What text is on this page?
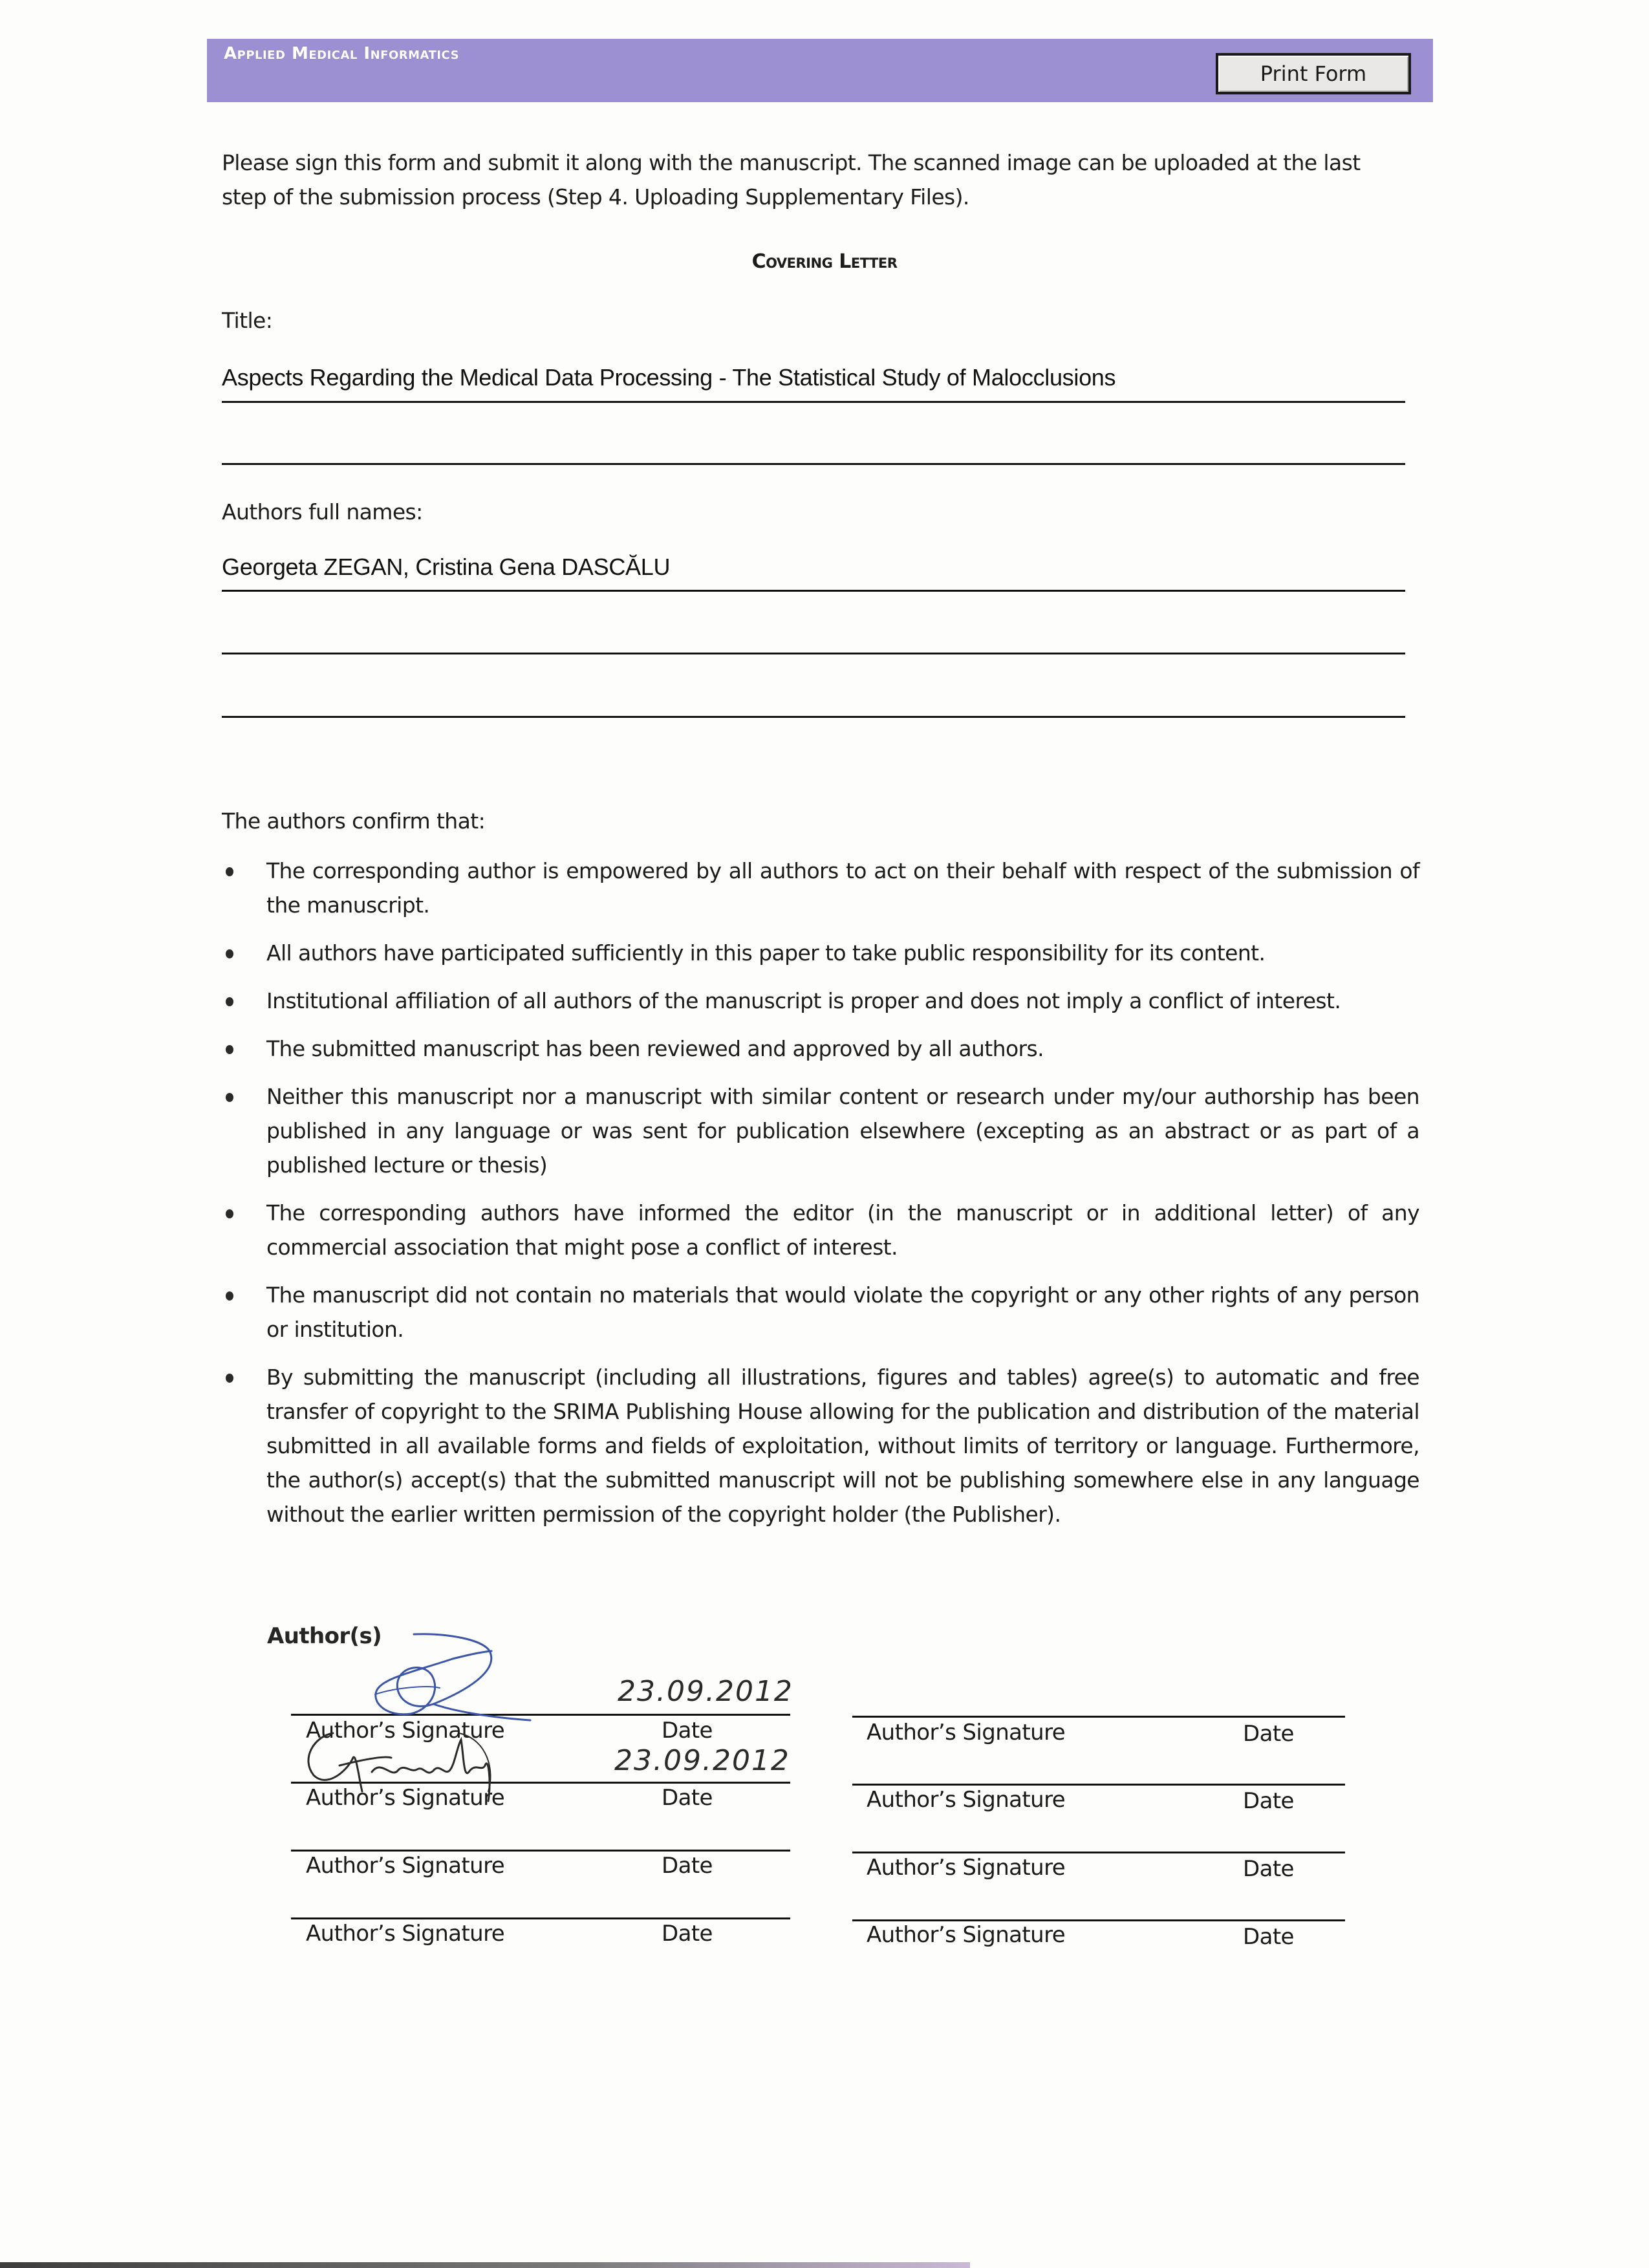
Applied Medical Informatics
Print Form
Please sign this form and submit it along with the manuscript. The scanned image can be uploaded at the last step of the submission process (Step 4. Uploading Supplementary Files).
Covering Letter
Title:
Aspects Regarding the Medical Data Processing - The Statistical Study of Malocclusions
Authors full names:
Georgeta ZEGAN, Cristina Gena DASCĂLU
The authors confirm that:
The corresponding author is empowered by all authors to act on their behalf with respect of the submission of the manuscript.
All authors have participated sufficiently in this paper to take public responsibility for its content.
Institutional affiliation of all authors of the manuscript is proper and does not imply a conflict of interest.
The submitted manuscript has been reviewed and approved by all authors.
Neither this manuscript nor a manuscript with similar content or research under my/our authorship has been published in any language or was sent for publication elsewhere (excepting as an abstract or as part of a published lecture or thesis)
The corresponding authors have informed the editor (in the manuscript or in additional letter) of any commercial association that might pose a conflict of interest.
The manuscript did not contain no materials that would violate the copyright or any other rights of any person or institution.
By submitting the manuscript (including all illustrations, figures and tables) agree(s) to automatic and free transfer of copyright to the SRIMA Publishing House allowing for the publication and distribution of the material submitted in all available forms and fields of exploitation, without limits of territory or language. Furthermore, the author(s) accept(s) that the submitted manuscript will not be publishing somewhere else in any language without the earlier written permission of the copyright holder (the Publisher).
Author(s)
23.09.2012
Author’s Signature	Date
23.09.2012
Author’s Signature	Date
Author’s Signature	Date
Author’s Signature	Date
Author’s Signature	Date
Author’s Signature	Date
Author’s Signature	Date
Author’s Signature	Date
